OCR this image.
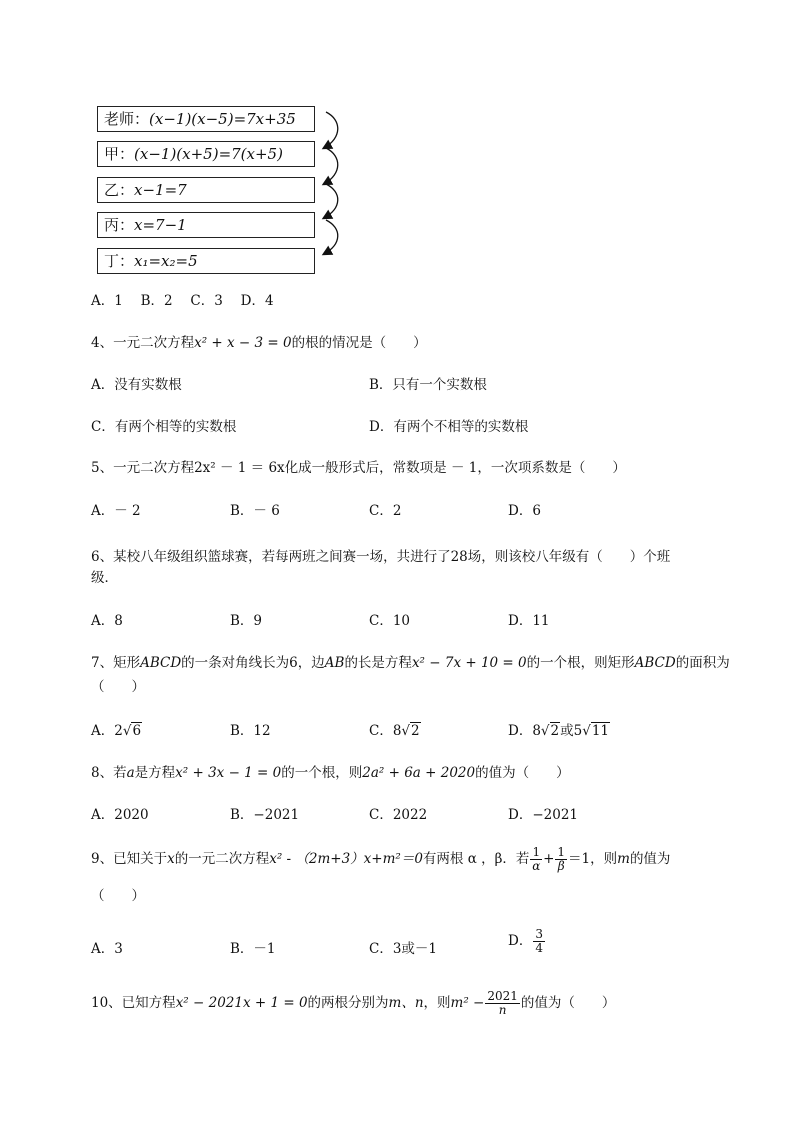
老师：(x−1)(x−5)=7x+35
甲：(x−1)(x+5)=7(x+5)
乙：x−1=7
丙：x=7−1
丁：x₁=x₂=5
A．1　 B．2　 C．3　 D．4
4、一元二次方程x² + x − 3 = 0的根的情况是（　　）
A．没有实数根	B．只有一个实数根
C．有两个相等的实数根	D．有两个不相等的实数根
5、一元二次方程2x² － 1 ＝ 6x化成一般形式后，常数项是 － 1，一次项系数是（　　）
A．－ 2	B．－ 6	C．2	D．6
6、某校八年级组织篮球赛，若每两班之间赛一场，共进行了28场，则该校八年级有（　　）个班
级．
A．8	B．9	C．10	D．11
7、矩形ABCD的一条对角线长为6，边AB的长是方程x² − 7x + 10 = 0的一个根，则矩形ABCD的面积为
（　　）
A．2√6	B．12	C．8√2	D．8√2或5√11
8、若a是方程x² + 3x − 1 = 0的一个根，则2a² + 6a + 2020的值为（　　）
A．2020	B．−2021	C．2022	D．−2021
9、已知关于x的一元二次方程x² - （2m+3）x+m²＝0有两根 α ，β．若 $\frac{1}{\alpha} + \frac{1}{\beta} =1$，则m的值为
（　　）
A．3	B．－1	C．3或－1	D． $\frac{3}{4}$
10、已知方程x² − 2021x + 1 = 0的两根分别为m、n，则$m^2 - \frac{2021}{n}$ 的值为（　　）
